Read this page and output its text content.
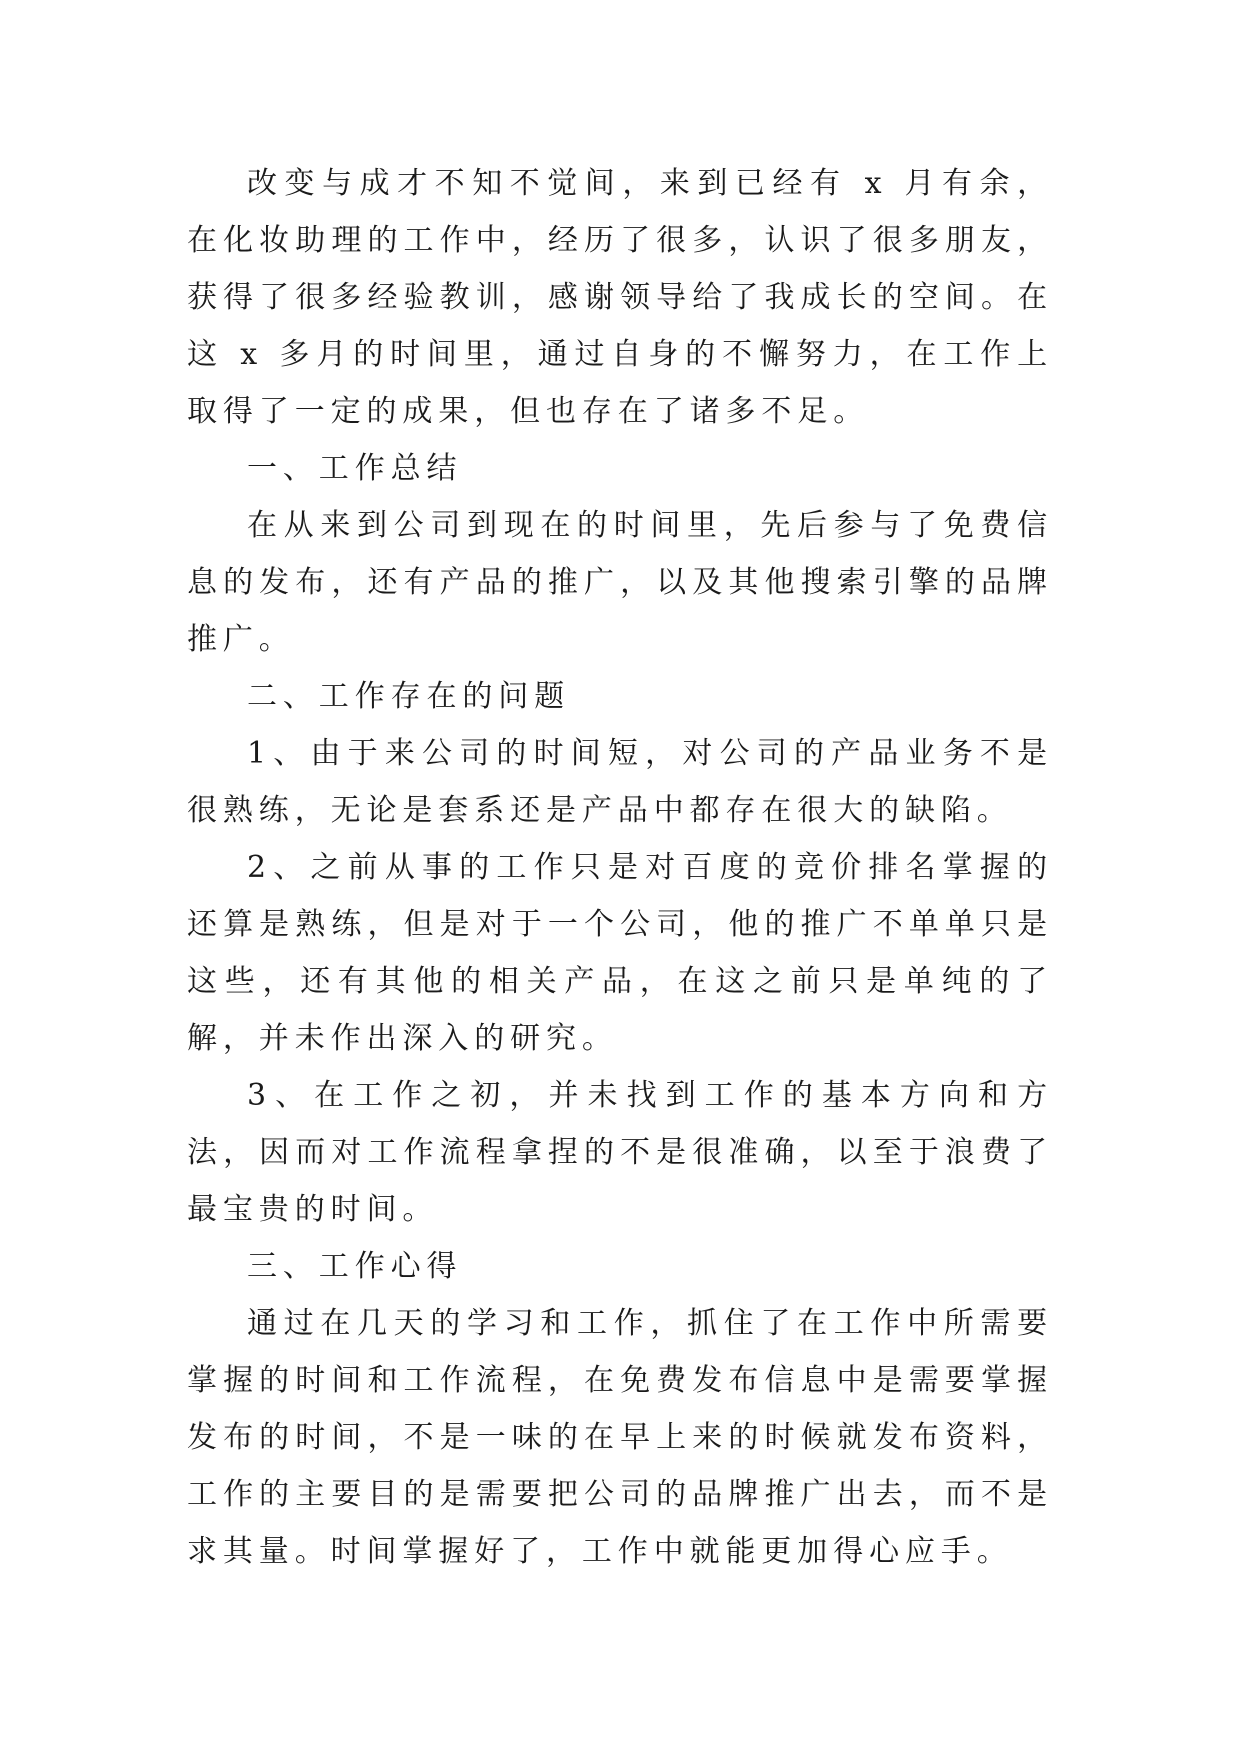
改变与成才不知不觉间，来到已经有 x 月有余，在化妆助理的工作中，经历了很多，认识了很多朋友，获得了很多经验教训，感谢领导给了我成长的空间。在这 x 多月的时间里，通过自身的不懈努力，在工作上取得了一定的成果，但也存在了诸多不足。

一、工作总结

在从来到公司到现在的时间里，先后参与了免费信息的发布，还有产品的推广，以及其他搜索引擎的品牌推广。

二、工作存在的问题

1、由于来公司的时间短，对公司的产品业务不是很熟练，无论是套系还是产品中都存在很大的缺陷。

2、之前从事的工作只是对百度的竞价排名掌握的还算是熟练，但是对于一个公司，他的推广不单单只是这些，还有其他的相关产品，在这之前只是单纯的了解，并未作出深入的研究。

3、在工作之初，并未找到工作的基本方向和方法，因而对工作流程拿捏的不是很准确，以至于浪费了最宝贵的时间。

三、工作心得

通过在几天的学习和工作，抓住了在工作中所需要掌握的时间和工作流程，在免费发布信息中是需要掌握发布的时间，不是一味的在早上来的时候就发布资料，工作的主要目的是需要把公司的品牌推广出去，而不是求其量。时间掌握好了，工作中就能更加得心应手。
